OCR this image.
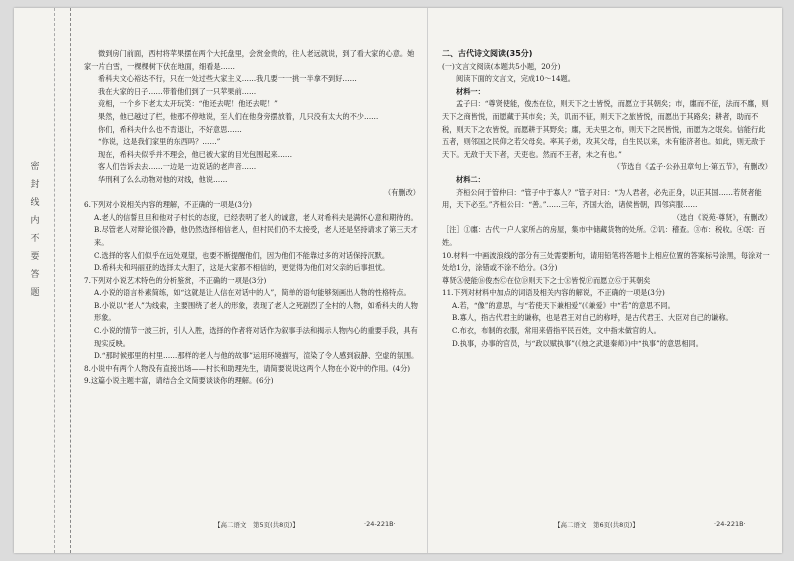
密 封 线 内 不 要 答 题

微到房门前面，西村将苹果摆在两个大托盘里，会赏金贵的，往人老远就说，到了看大家的心意。她家一片白雪，一棵棵树下伏在地面，细看是……

希科夫文心裕达不行，只在一处过些大家主义……我几要一一挑一半拿不到好……

我在大家的日子……带着他们到了一只苹果前……

竞相，一个乡下老太太开玩笑：“他还去呢！他还去呢！”

果然，他已越过了栏，他那不停地说，至人们在他身旁摆放着，几只没有太大的不少……

你们，希科夫什么也不肯退让，不好意思……

“你说，这是我们家里的东西吗？……”

现在，希科夫似乎并不理会，他已被大家的目光包围起来……

客人们告诉去去……一边是一边说话的老声音……

华刑利了么么动物对他的对线，他说……

（有删改）

6.下列对小说相关内容的理解，不正确的一项是(3分)

A.老人的信誓旦旦和他对子村长的态度，已经表明了老人的诚意，老人对希科夫是满怀心意和期待的。

B.尽管老人对辩论很冷静，他仍然选择相信老人，但村民们仍不太接受，老人还是坚持请求了第三天才来。

C.选择的客人们似乎在远处观望，也要不断提醒他们，因为他们不能靠过多的对话保持沉默。

D.希科夫和玛丽亚的选择太大胆了，这是大家都不相信的，更觉得为他们对父亲的后事担忧。

7.下列对小说艺术特色的分析鉴赏，不正确的一项是(3分)

A.小说的语言朴素简练，如“这就是让人信在对话中的人”，简单的语句能够刻画出人物的性格特点。

B.小说以“老人”为线索，主要围绕了老人的形象，表现了老人之死剧烈了全村的人物，如希科夫的人物形象。

C.小说的情节一波三折，引人入胜，选择的作者将对话作为叙事手法和揭示人物内心的重要手段，具有现实反映。

D.“那时候那里的村里……那样的老人与他的故事”运用环境描写，渲染了令人感到寂静、空虚的氛围。

8.小说中有两个人物没有直接出场——村长和助理先生，请简要说说这两个人物在小说中的作用。(4分)

9.这篇小说主题丰富，请结合全文简要谈谈你的理解。(6分)

【高二语文　第5页(共8页)】	·24-221B·

二、古代诗文阅读(35分)

(一)文言文阅读(本题共5小题，20分)

阅读下面的文言文，完成10～14题。

材料一：

孟子曰：“尊贤使能，俊杰在位，则天下之士皆悦，而愿立于其朝矣；市，廛而不征，法而不廛，则天下之商皆悦，而愿藏于其市矣；关，讥而不征，则天下之旅皆悦，而愿出于其路矣；耕者，助而不税，则天下之农皆悦，而愿耕于其野矣；廛，无夫里之布，则天下之民皆悦，而愿为之氓矣。信能行此五者，则邻国之民仰之若父母矣。率其子弟，攻其父母，自生民以来，未有能济者也。如此，则无敌于天下。无敌于天下者，天吏也。然而不王者，未之有也。”

（节选自《孟子·公孙丑章句上·第五节》，有删改）

材料二：

齐桓公问于管仲曰：“管子中于寡人？”管子对曰：“为人君者，必先正身，以正其国……若贤者能用，天下必至。”齐桓公曰：“善。”……三年，齐国大治，诸侯皆朝，四邻宾服……

（选自《说苑·尊贤》，有删改）

［注］①廛：古代一户人家所占的房屋，集市中储藏货物的处所。②讥：稽查。③布：税收。④氓：百姓。

10.材料一中画波浪线的部分有三处需要断句，请用铅笔将答题卡上相应位置的答案标号涂黑，每涂对一处给1分，涂错或不涂不给分。(3分)

尊贤Ⓐ使能Ⓑ俊杰Ⓒ在位Ⓓ则天下之士Ⓔ皆悦Ⓕ而愿立Ⓖ于其朝矣

11.下列对材料中加点的词语及相关内容的解说，不正确的一项是(3分)

A.若，“像”的意思，与“若使天下兼相爱”(《兼爱》中“若”的意思不同。

B.寡人，指古代君主的谦称，也是君王对自己的称呼，是古代君王、大臣对自己的谦称。

C.布衣，布制的衣服，常用来借指平民百姓，文中指未做官的人。

D.执事，办事的官员，与“政以赋执事”(《烛之武退秦师》)中“执事”的意思相同。

【高二语文　第6页(共8页)】	·24-221B·
